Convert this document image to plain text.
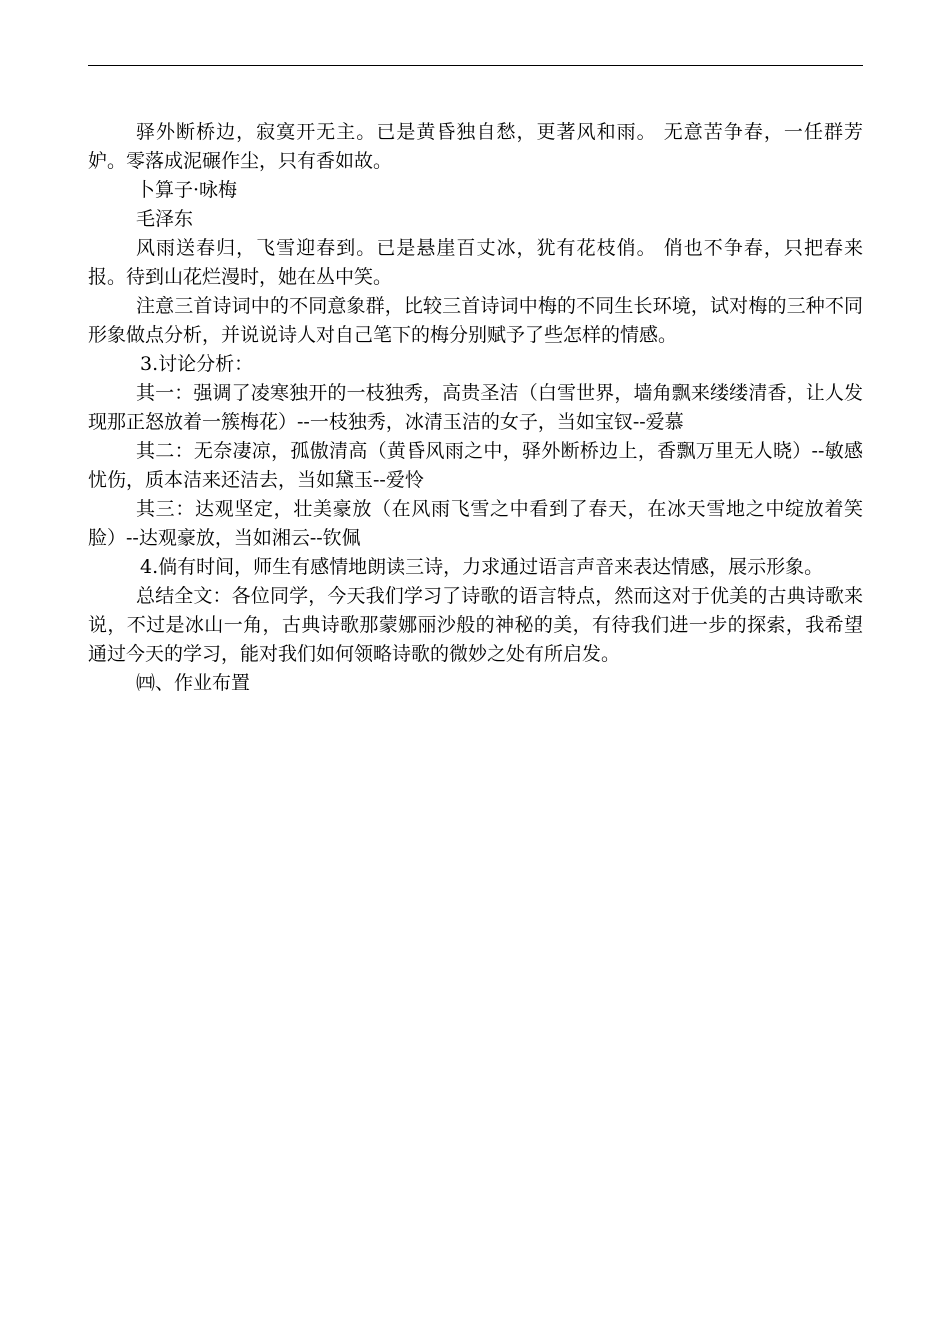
驿外断桥边，寂寞开无主。已是黄昏独自愁，更著风和雨。 无意苦争春，一任群芳妒。零落成泥碾作尘，只有香如故。

卜算子·咏梅

毛泽东

风雨送春归，飞雪迎春到。已是悬崖百丈冰，犹有花枝俏。 俏也不争春，只把春来报。待到山花烂漫时，她在丛中笑。

注意三首诗词中的不同意象群，比较三首诗词中梅的不同生长环境，试对梅的三种不同形象做点分析，并说说诗人对自己笔下的梅分别赋予了些怎样的情感。

3.讨论分析：

其一：强调了凌寒独开的一枝独秀，高贵圣洁（白雪世界，墙角飘来缕缕清香，让人发现那正怒放着一簇梅花）--一枝独秀，冰清玉洁的女子，当如宝钗--爱慕

其二：无奈凄凉，孤傲清高（黄昏风雨之中，驿外断桥边上，香飘万里无人晓）--敏感忧伤，质本洁来还洁去，当如黛玉--爱怜

其三：达观坚定，壮美豪放（在风雨飞雪之中看到了春天，在冰天雪地之中绽放着笑脸）--达观豪放，当如湘云--钦佩

4.倘有时间，师生有感情地朗读三诗，力求通过语言声音来表达情感，展示形象。

总结全文：各位同学，今天我们学习了诗歌的语言特点，然而这对于优美的古典诗歌来说，不过是冰山一角，古典诗歌那蒙娜丽沙般的神秘的美，有待我们进一步的探索，我希望通过今天的学习，能对我们如何领略诗歌的微妙之处有所启发。

㈣、作业布置
